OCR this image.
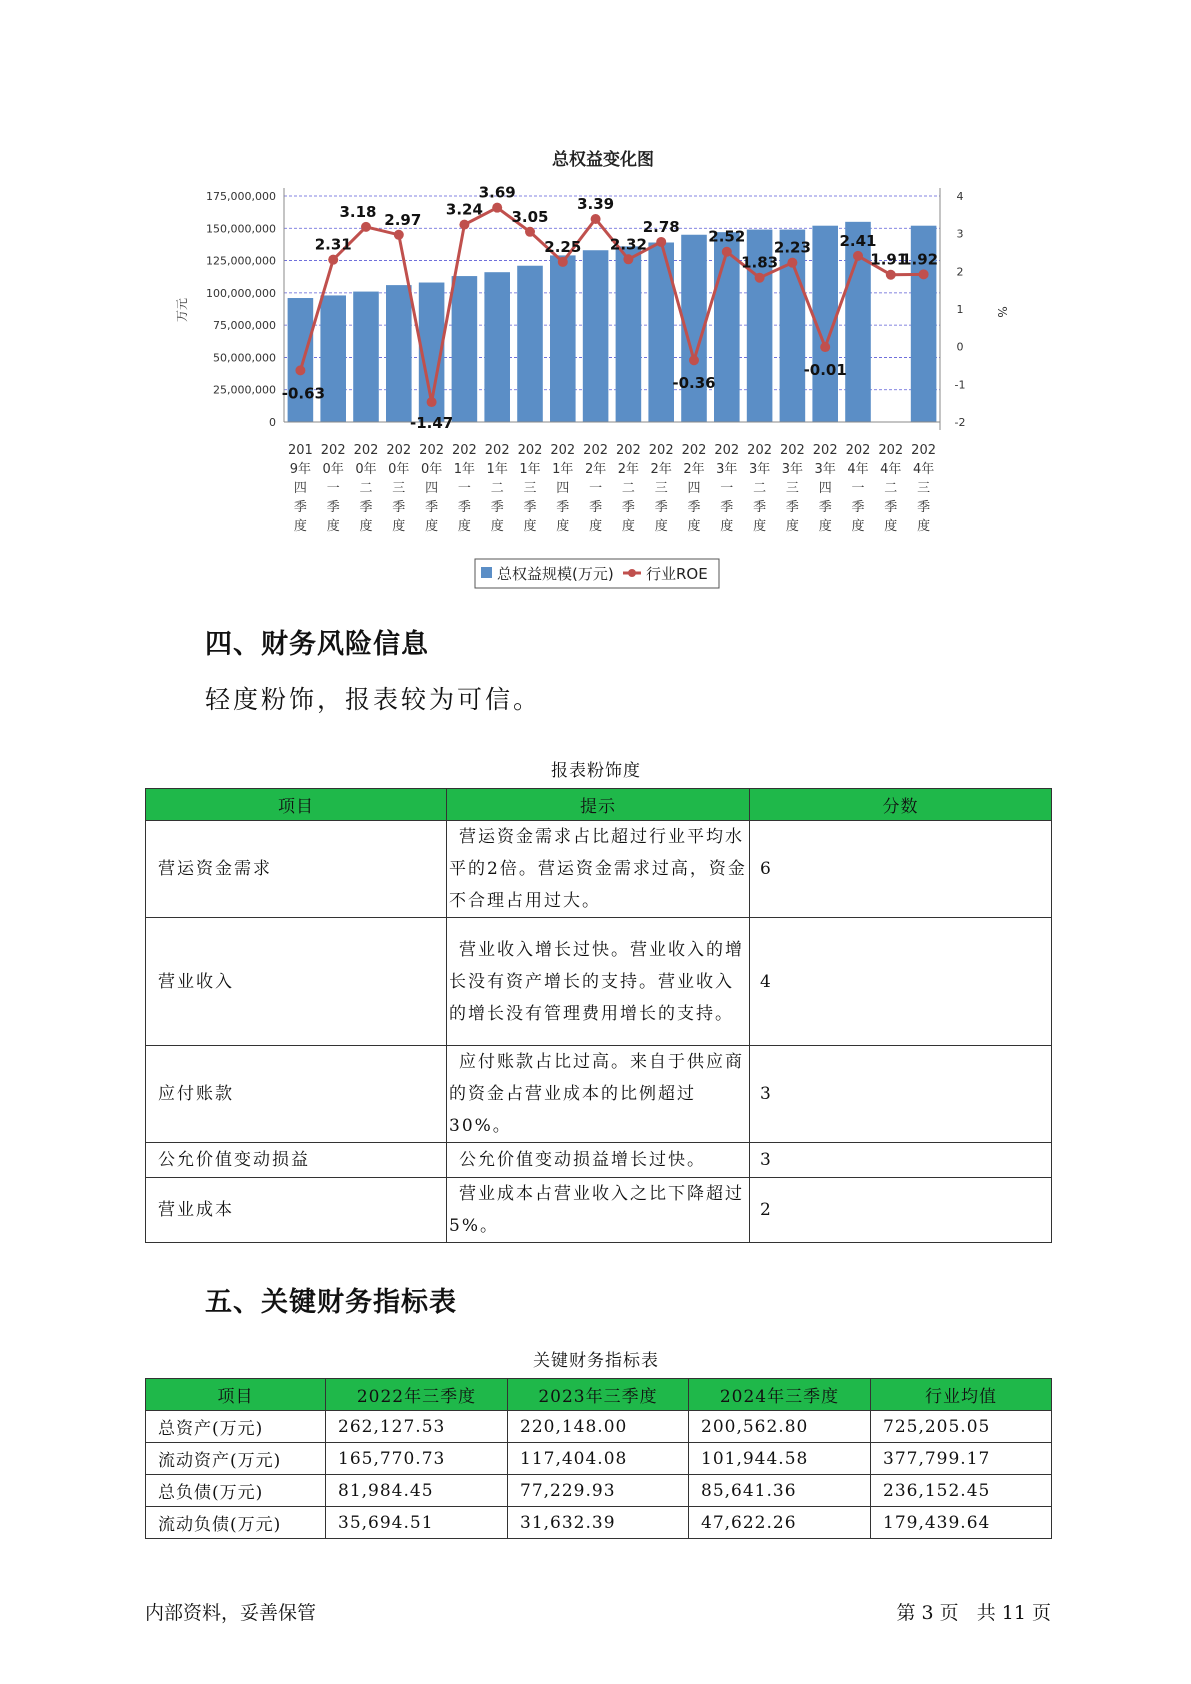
总权益变化图
175,000,000
150,000,000
125,000,000
100,000,000
75,000,000
50,000,000
25,000,000
0
4
3
2
1
0
-1
-2
-0.63
2.31
3.18 2.97
-1.47
3.24
3.69
3.05
2.25
3.39
2.32
2.78
-0.36
2.52
1.83
2.23
-0.01
2.41
1.91
1.92
201 9年四季度
202 0年一季度
202 0年二季度
202 0年三季度
202 0年四季度
202 1年一季度
202 1年二季度
202 1年三季度
202 1年四季度
202 2年一季度
202 2年二季度
202 2年三季度
202 2年四季度
202 3年一季度
202 3年二季度
202 3年三季度
202 3年四季度
202 4年一季度
202 4年二季度
202 4年三季度
万元	%
总权益规模(万元) 行业ROE
四、财务风险信息

轻度粉饰，报表较为可信。

报表粉饰度
项目	提示	分数
营运资金需求	营运资金需求占比超过行业平均水平的2倍。营运资金需求过高，资金不合理占用过大。	6
营业收入	营业收入增长过快。营业收入的增长没有资产增长的支持。营业收入的增长没有管理费用增长的支持。	4
应付账款	应付账款占比过高。来自于供应商的资金占营业成本的比例超过30%。	3
公允价值变动损益	公允价值变动损益增长过快。	3
营业成本	营业成本占营业收入之比下降超过5%。	2
五、关键财务指标表
关键财务指标表
项目	2022年三季度	2023年三季度	2024年三季度	行业均值
总资产(万元)	262,127.53	220,148.00	200,562.80	725,205.05
流动资产(万元)	165,770.73	117,404.08	101,944.58	377,799.17
总负债(万元)	81,984.45	77,229.93	85,641.36	236,152.45
流动负债(万元)	35,694.51	31,632.39	47,622.26	179,439.64
内部资料，妥善保管	第 3 页   共 11 页
